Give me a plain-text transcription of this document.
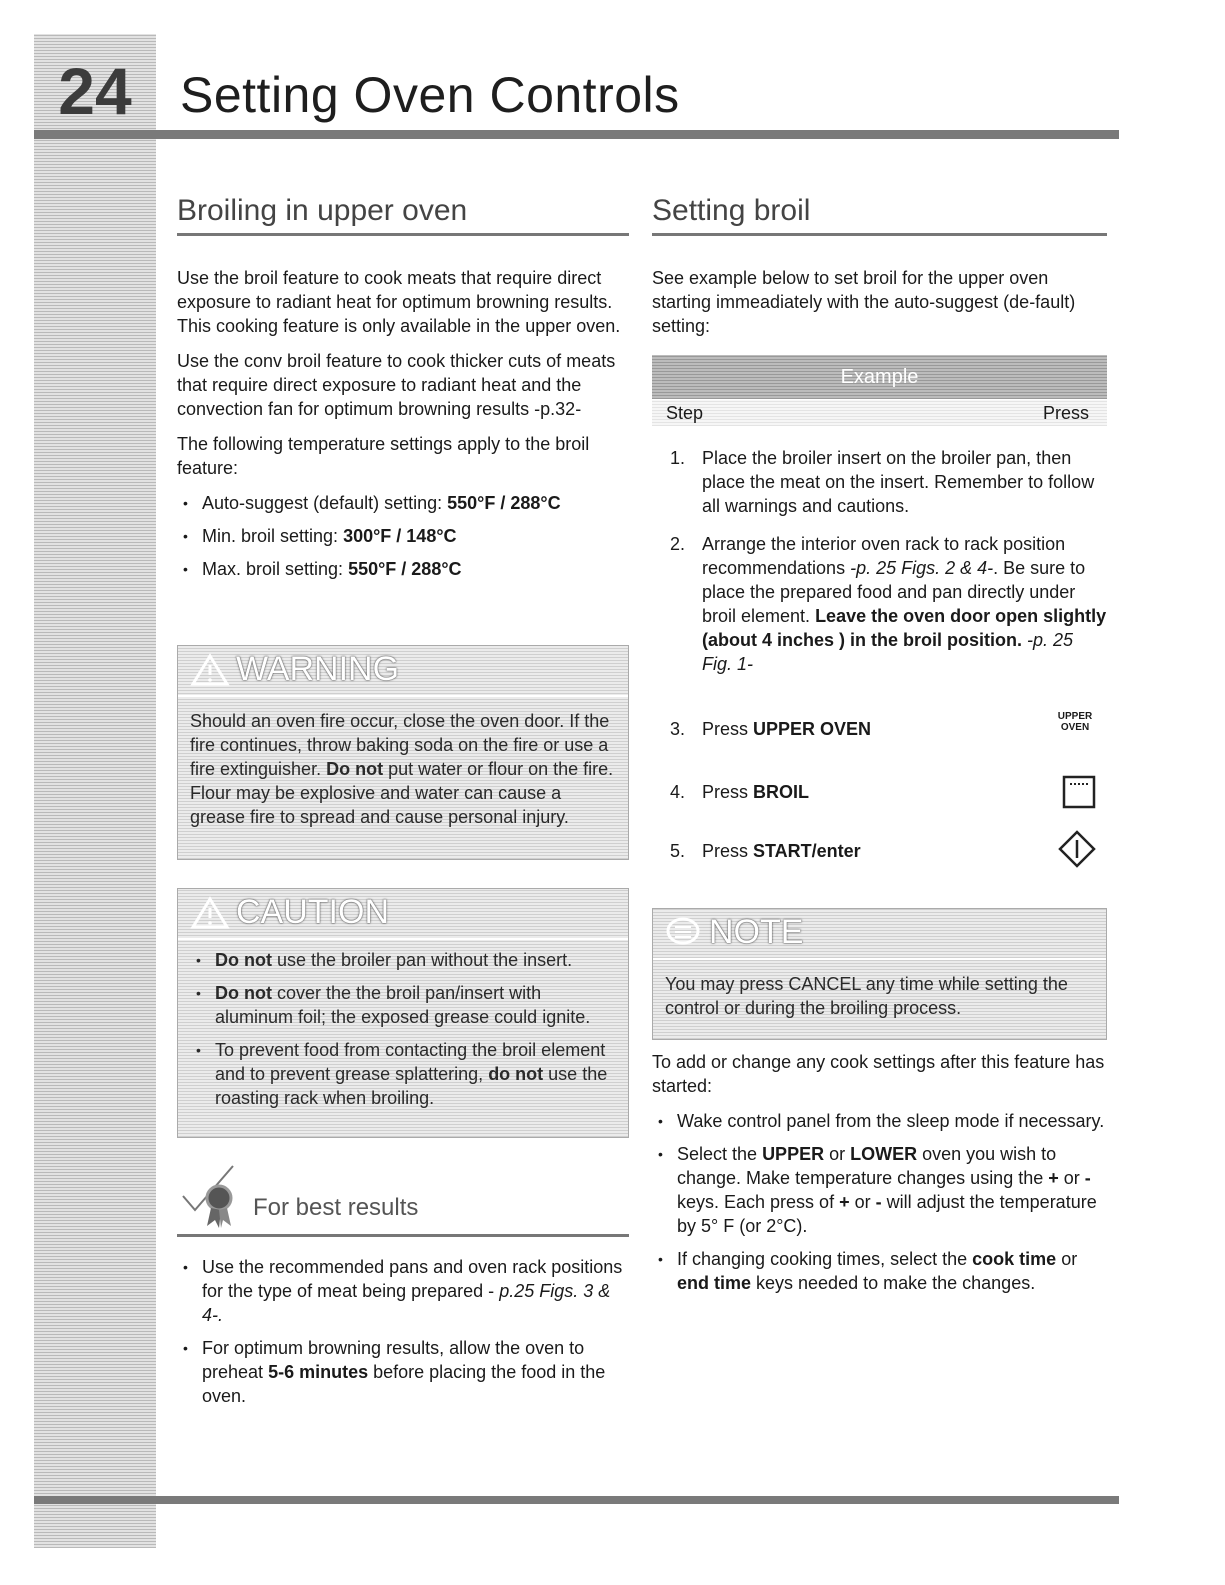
24 Setting Oven Controls
Broiling in upper oven

Use the broil feature to cook meats that require direct exposure to radiant heat for optimum browning results. This cooking feature is only available in the upper oven.

Use the conv broil feature to cook thicker cuts of meats that require direct exposure to radiant heat and the convection fan for optimum browning results -p.32-

The following temperature settings apply to the broil feature:

• Auto-suggest (default) setting: 550°F / 288°C
• Min. broil setting: 300°F / 148°C
• Max. broil setting: 550°F / 288°C
WARNING
Should an oven fire occur, close the oven door. If the fire continues, throw baking soda on the fire or use a fire extinguisher. Do not put water or flour on the fire. Flour may be explosive and water can cause a grease fire to spread and cause personal injury.
CAUTION
• Do not use the broiler pan without the insert.
• Do not cover the the broil pan/insert with aluminum foil; the exposed grease could ignite.
• To prevent food from contacting the broil element and to prevent grease splattering, do not use the roasting rack when broiling.
For best results
• Use the recommended pans and oven rack positions for the type of meat being prepared - p.25 Figs. 3 & 4-.
• For optimum browning results, allow the oven to preheat 5-6 minutes before placing the food in the oven.
Setting broil

See example below to set broil for the upper oven starting immeadiately with the auto-suggest (de-fault) setting:

Example
Step	Press
1. Place the broiler insert on the broiler pan, then place the meat on the insert. Remember to follow all warnings and cautions.
2. Arrange the interior oven rack to rack position recommendations -p. 25 Figs. 2 & 4-. Be sure to place the prepared food and pan directly under broil element. Leave the oven door open slightly (about 4 inches ) in the broil position. -p. 25 Fig. 1-
3. Press UPPER OVEN
UPPER OVEN
4. Press BROIL
5. Press START/enter
NOTE
You may press CANCEL any time while setting the control or during the broiling process.

To add or change any cook settings after this feature has started:

• Wake control panel from the sleep mode if necessary.
• Select the UPPER or LOWER oven you wish to change. Make temperature changes using the + or - keys. Each press of + or - will adjust the temperature by 5° F (or 2°C).
• If changing cooking times, select the cook time or end time keys needed to make the changes.
